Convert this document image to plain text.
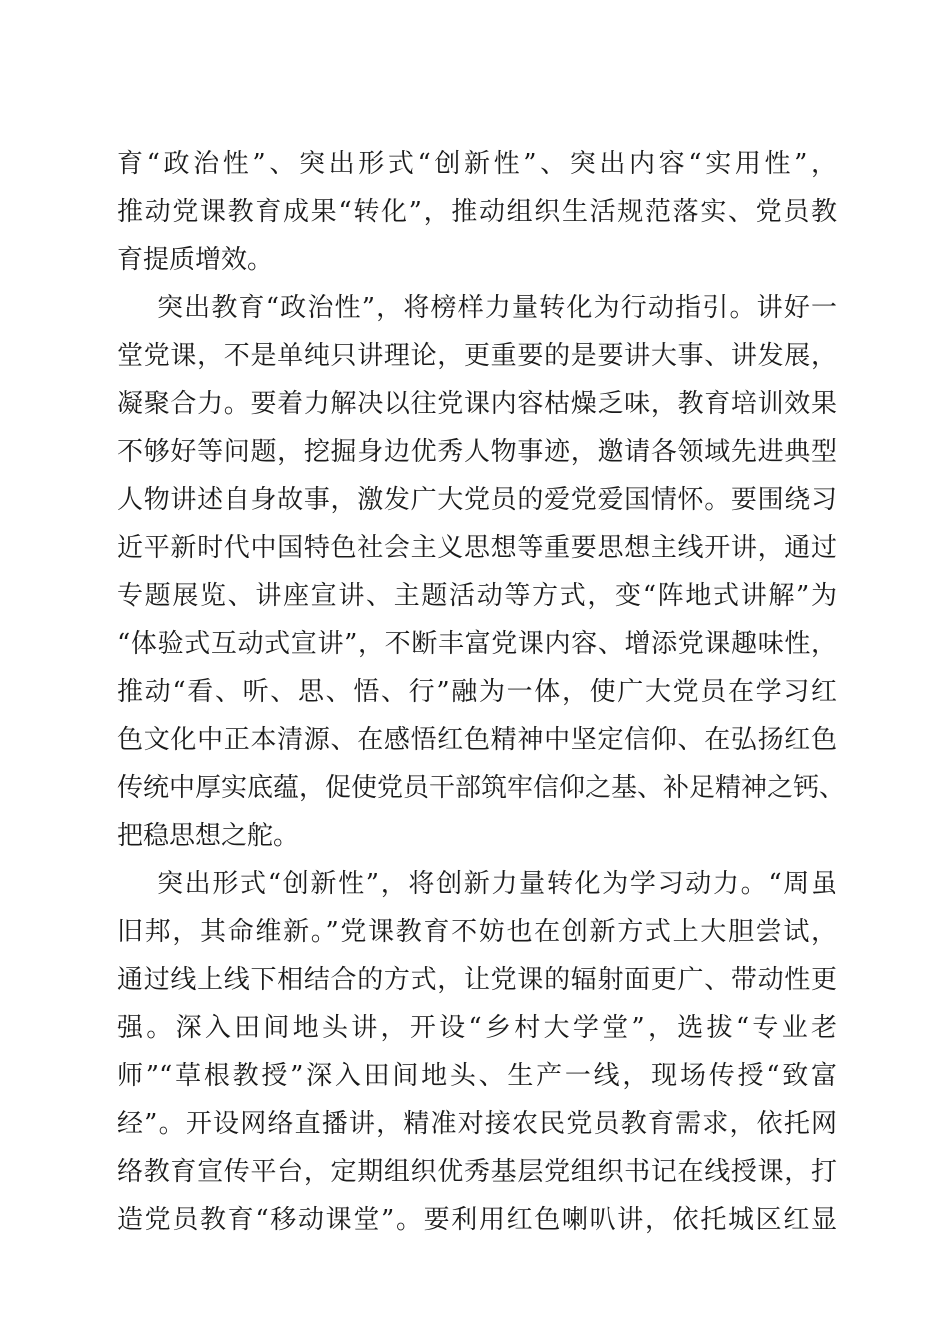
育“政治性”、突出形式“创新性”、突出内容“实用性”，
推动党课教育成果“转化”，推动组织生活规范落实、党员教
育提质增效。
突出教育“政治性”，将榜样力量转化为行动指引。讲好一
堂党课，不是单纯只讲理论，更重要的是要讲大事、讲发展，
凝聚合力。要着力解决以往党课内容枯燥乏味，教育培训效果
不够好等问题，挖掘身边优秀人物事迹，邀请各领域先进典型
人物讲述自身故事，激发广大党员的爱党爱国情怀。要围绕习
近平新时代中国特色社会主义思想等重要思想主线开讲，通过
专题展览、讲座宣讲、主题活动等方式，变“阵地式讲解”为
“体验式互动式宣讲”，不断丰富党课内容、增添党课趣味性，
推动“看、听、思、悟、行”融为一体，使广大党员在学习红
色文化中正本清源、在感悟红色精神中坚定信仰、在弘扬红色
传统中厚实底蕴，促使党员干部筑牢信仰之基、补足精神之钙、
把稳思想之舵。
突出形式“创新性”，将创新力量转化为学习动力。“周虽
旧邦，其命维新。”党课教育不妨也在创新方式上大胆尝试，
通过线上线下相结合的方式，让党课的辐射面更广、带动性更
强。深入田间地头讲，开设“乡村大学堂”，选拔“专业老
师”“草根教授”深入田间地头、生产一线，现场传授“致富
经”。开设网络直播讲，精准对接农民党员教育需求，依托网
络教育宣传平台，定期组织优秀基层党组织书记在线授课，打
造党员教育“移动课堂”。要利用红色喇叭讲，依托城区红显
